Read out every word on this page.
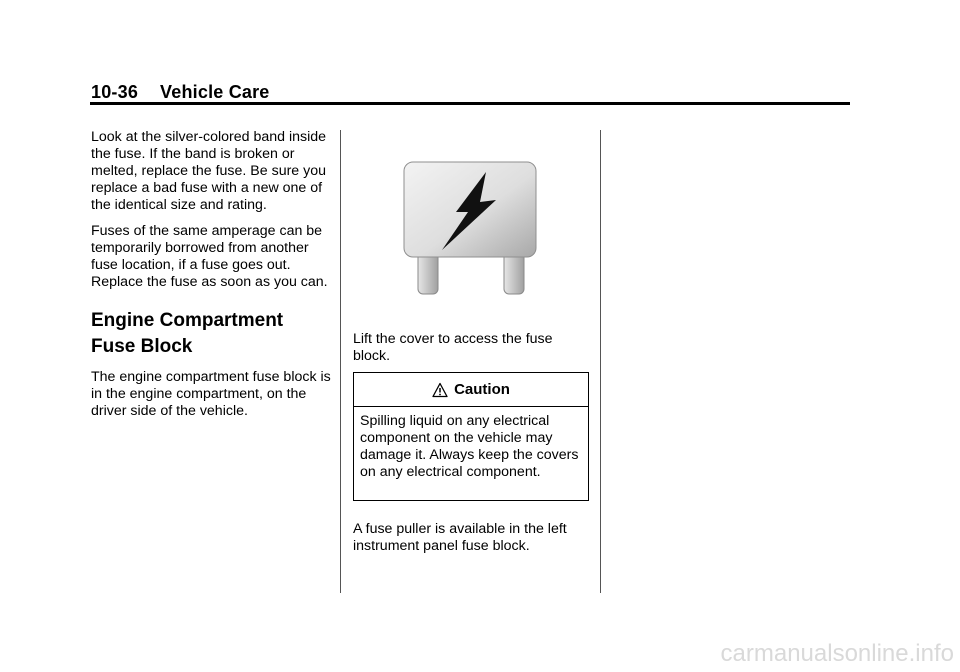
10-36 Vehicle Care

Look at the silver-colored band inside the fuse. If the band is broken or melted, replace the fuse. Be sure you replace a bad fuse with a new one of the identical size and rating.

Fuses of the same amperage can be temporarily borrowed from another fuse location, if a fuse goes out. Replace the fuse as soon as you can.

Engine Compartment
Fuse Block

The engine compartment fuse block is in the engine compartment, on the driver side of the vehicle.

Lift the cover to access the fuse block.

Caution
Spilling liquid on any electrical component on the vehicle may damage it. Always keep the covers on any electrical component.

A fuse puller is available in the left instrument panel fuse block.

carmanualsonline.info
